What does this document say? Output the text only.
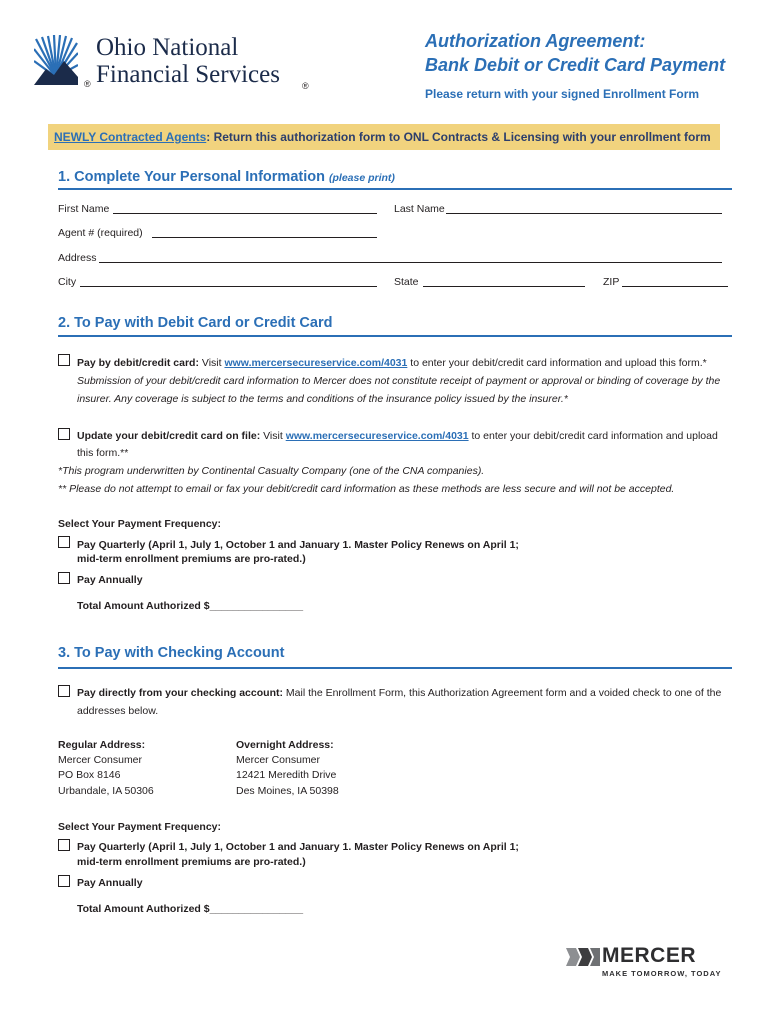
Ohio National
Financial Services
®	®
Authorization Agreement:
Bank Debit or Credit Card Payment
Please return with your signed Enrollment Form
NEWLY Contracted Agents: Return this authorization form to ONL Contracts & Licensing with your enrollment form
1. Complete Your Personal Information (please print)
First Name	Last Name
Agent # (required)
Address
City	State	ZIP
2. To Pay with Debit Card or Credit Card
Pay by debit/credit card: Visit www.mercersecureservice.com/4031 to enter your debit/credit card information and upload this form.*
Submission of your debit/credit card information to Mercer does not constitute receipt of payment or approval or binding of coverage by the
insurer. Any coverage is subject to the terms and conditions of the insurance policy issued by the insurer.*
Update your debit/credit card on file: Visit www.mercersecureservice.com/4031 to enter your debit/credit card information and upload
this form.**
*This program underwritten by Continental Casualty Company (one of the CNA companies).
** Please do not attempt to email or fax your debit/credit card information as these methods are less secure and will not be accepted.
Select Your Payment Frequency:
Pay Quarterly (April 1, July 1, October 1 and January 1. Master Policy Renews on April 1;
mid-term enrollment premiums are pro-rated.)
Pay Annually
Total Amount Authorized $________________
3. To Pay with Checking Account
Pay directly from your checking account: Mail the Enrollment Form, this Authorization Agreement form and a voided check to one of the
addresses below.
Regular Address:
Mercer Consumer
PO Box 8146
Urbandale, IA 50306
Overnight Address:
Mercer Consumer
12421 Meredith Drive
Des Moines, IA 50398
Select Your Payment Frequency:
Pay Quarterly (April 1, July 1, October 1 and January 1. Master Policy Renews on April 1;
mid-term enrollment premiums are pro-rated.)
Pay Annually
Total Amount Authorized $________________
MERCER
MAKE TOMORROW, TODAY
